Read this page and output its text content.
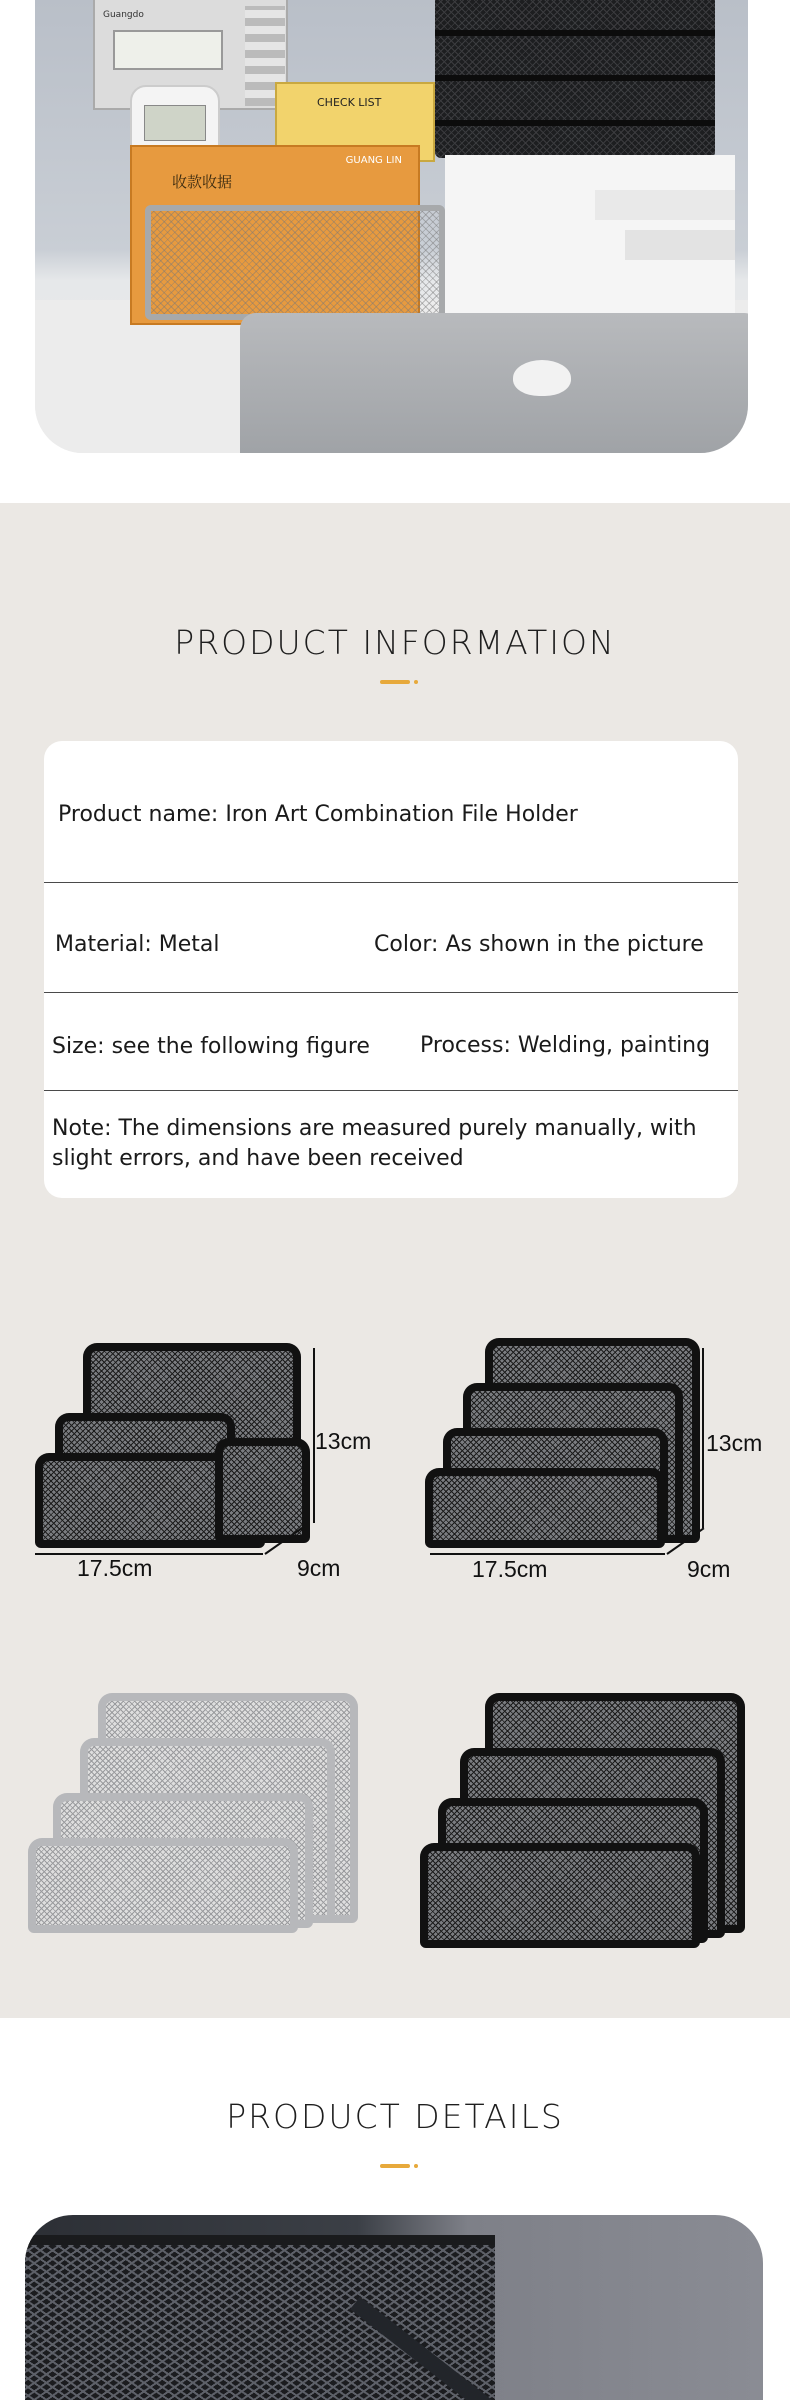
Guangdo
CHECK LIST
GUANG LIN
收款收据
PRODUCT INFORMATION
Product name: Iron Art Combination File Holder
Material: Metal	Color: As shown in the picture
Size: see the following figure Process: Welding, painting
Note: The dimensions are measured purely manually, with slight errors, and have been received
13cm
17.5cm	9cm
13cm
17.5cm	9cm
PRODUCT DETAILS
